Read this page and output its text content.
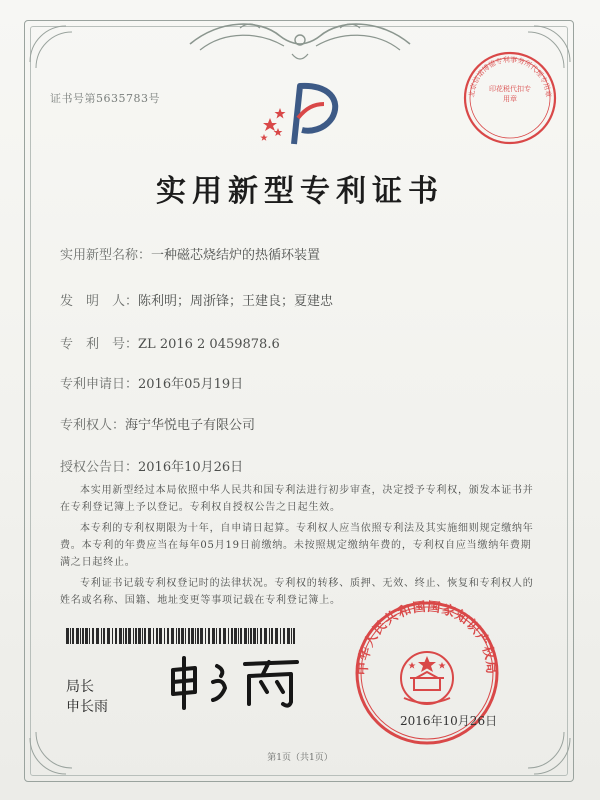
证书号第5635783号	北京信诺博德专利事务所代理专用章
印花税代扣专用章
实用新型专利证书
实用新型名称：一种磁芯烧结炉的热循环装置
发　明　人：陈利明；周浙锋；王建良；夏建忠
专　利　号：ZL 2016 2 0459878.6
专利申请日：2016年05月19日
专利权人：海宁华悦电子有限公司
授权公告日：2016年10月26日

本实用新型经过本局依照中华人民共和国专利法进行初步审查，决定授予专利权，颁发本证书并在专利登记簿上予以登记。专利权自授权公告之日起生效。

本专利的专利权期限为十年，自申请日起算。专利权人应当依照专利法及其实施细则规定缴纳年费。本专利的年费应当在每年05月19日前缴纳。未按照规定缴纳年费的，专利权自应当缴纳年费期满之日起终止。

专利证书记载专利权登记时的法律状况。专利权的转移、质押、无效、终止、恢复和专利权人的姓名或名称、国籍、地址变更等事项记载在专利登记簿上。

局长
申长雨
中华人民共和国国家知识产权局
2016年10月26日
第1页（共1页）
